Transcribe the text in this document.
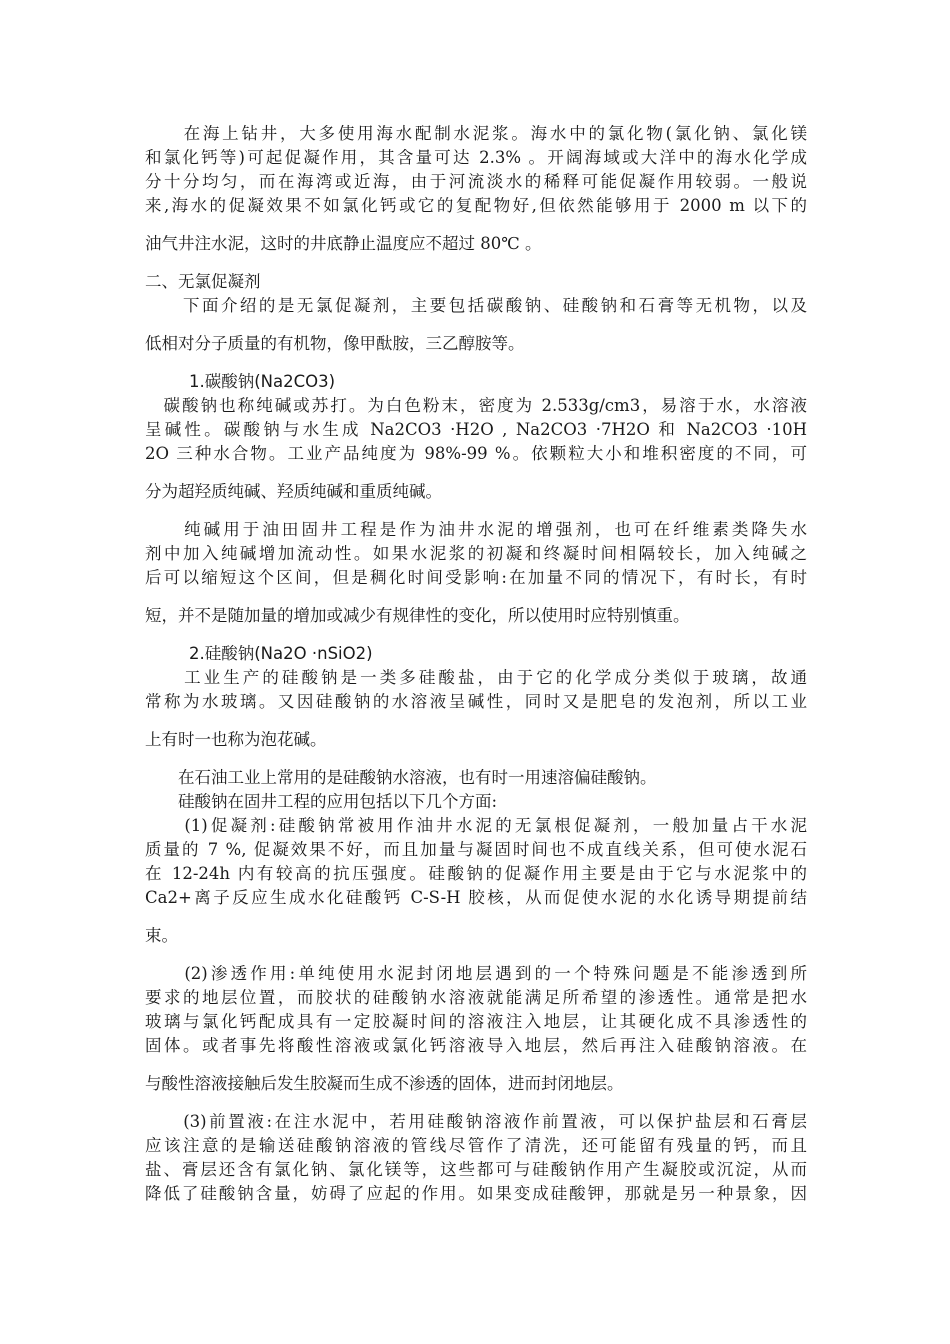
　　在海上钻井，大多使用海水配制水泥浆。海水中的氯化物(氯化钠、氯化镁
和氯化钙等)可起促凝作用，其含量可达 2.3% 。开阔海域或大洋中的海水化学成
分十分均匀，而在海湾或近海，由于河流淡水的稀释可能促凝作用较弱。一般说
来,海水的促凝效果不如氯化钙或它的复配物好,但依然能够用于 2000 m 以下的
油气井注水泥，这时的井底静止温度应不超过 80℃ 。
二、无氯促凝剂
　　下面介绍的是无氯促凝剂，主要包括碳酸钠、硅酸钠和石膏等无机物，以及
低相对分子质量的有机物，像甲酞胺，三乙醇胺等。
1.碳酸钠(Na2CO3)
　碳酸钠也称纯碱或苏打。为白色粉末，密度为 2.533g/cm3，易溶于水，水溶液
呈碱性。碳酸钠与水生成 Na2CO3 ·H2O , Na2CO3 ·7H2O 和 Na2CO3 ·10H
2O 三种水合物。工业产品纯度为 98%-99 %。依颗粒大小和堆积密度的不同，可
分为超羟质纯碱、羟质纯碱和重质纯碱。
　　纯碱用于油田固井工程是作为油井水泥的增强剂，也可在纤维素类降失水
剂中加入纯碱增加流动性。如果水泥浆的初凝和终凝时间相隔较长，加入纯碱之
后可以缩短这个区间，但是稠化时间受影响:在加量不同的情况下，有时长，有时
短，并不是随加量的增加或减少有规律性的变化，所以使用时应特别慎重。
2.硅酸钠(Na2O ·nSiO2)
　　工业生产的硅酸钠是一类多硅酸盐，由于它的化学成分类似于玻璃，故通
常称为水玻璃。又因硅酸钠的水溶液呈碱性，同时又是肥皂的发泡剂，所以工业
上有时一也称为泡花碱。
　　在石油工业上常用的是硅酸钠水溶液，也有时一用速溶偏硅酸钠。
　　硅酸钠在固井工程的应用包括以下几个方面:
　　(1)促凝剂:硅酸钠常被用作油井水泥的无氯根促凝剂，一般加量占干水泥
质量的 7 %, 促凝效果不好，而且加量与凝固时间也不成直线关系，但可使水泥石
在 12-24h 内有较高的抗压强度。硅酸钠的促凝作用主要是由于它与水泥浆中的
Ca2+离子反应生成水化硅酸钙 C-S-H 胶核，从而促使水泥的水化诱导期提前结
束。
　　(2)渗透作用:单纯使用水泥封闭地层遇到的一个特殊问题是不能渗透到所
要求的地层位置，而胶状的硅酸钠水溶液就能满足所希望的渗透性。通常是把水
玻璃与氯化钙配成具有一定胶凝时间的溶液注入地层，让其硬化成不具渗透性的
固体。或者事先将酸性溶液或氯化钙溶液导入地层，然后再注入硅酸钠溶液。在
与酸性溶液接触后发生胶凝而生成不渗透的固体，进而封闭地层。
　　(3)前置液:在注水泥中，若用硅酸钠溶液作前置液，可以保护盐层和石膏层
应该注意的是输送硅酸钠溶液的管线尽管作了清洗，还可能留有残量的钙，而且
盐、膏层还含有氯化钠、氯化镁等，这些都可与硅酸钠作用产生凝胶或沉淀，从而
降低了硅酸钠含量，妨碍了应起的作用。如果变成硅酸钾，那就是另一种景象，因
